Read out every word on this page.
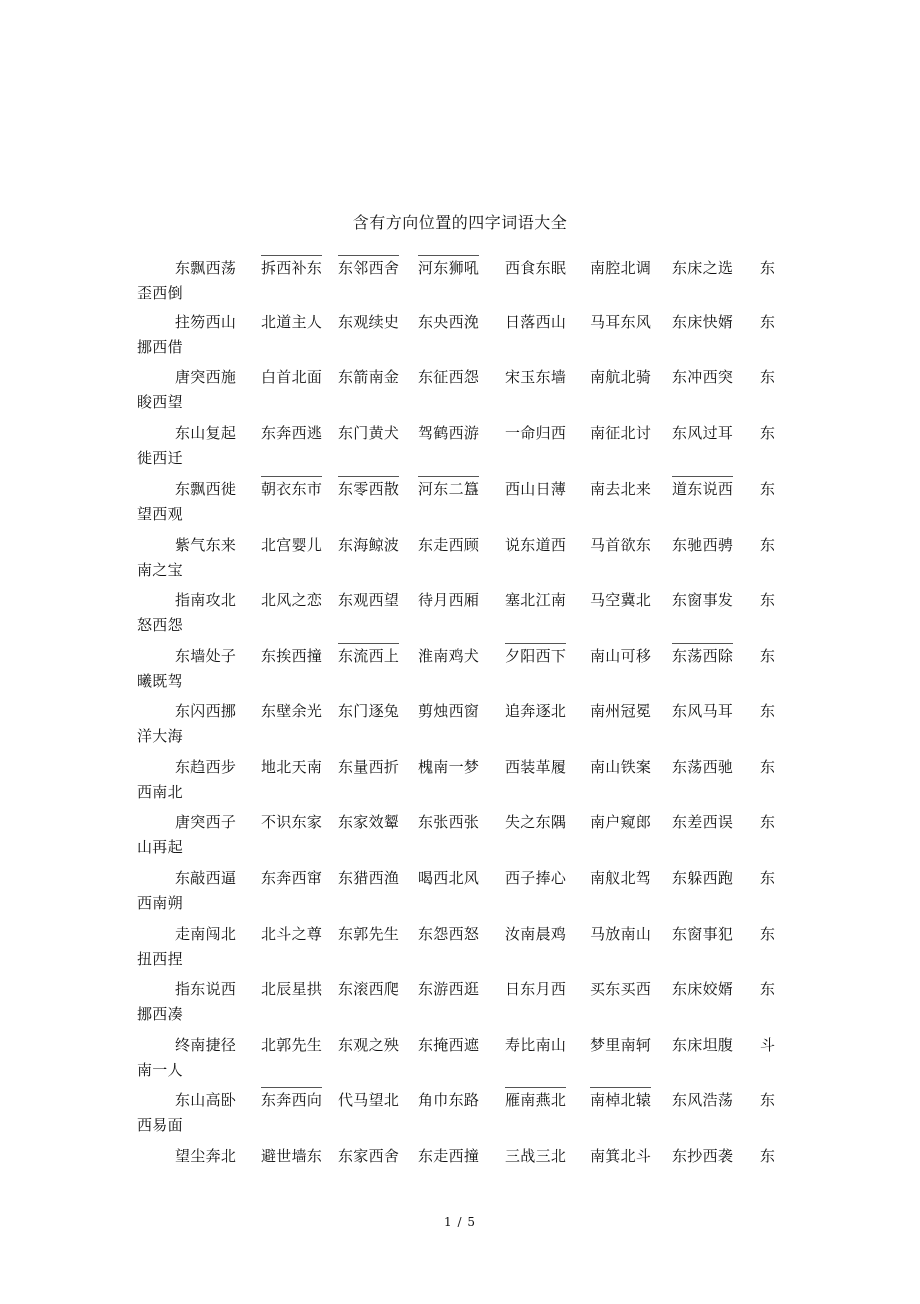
含有方向位置的四字词语大全
东飘西荡 拆西补东 东邻西舍 河东狮吼 西食东眠 南腔北调 东床之选 东
歪西倒
拄笏西山 北道主人 东观续史 东央西浼 日落西山 马耳东风 东床快婿 东
挪西借
唐突西施 白首北面 东箭南金 东征西怨 宋玉东墙 南航北骑 东冲西突 东
睃西望
东山复起 东奔西逃 东门黄犬 驾鹤西游 一命归西 南征北讨 东风过耳 东
徙西迁
东飘西徙 朝衣东市 东零西散 河东二簋 西山日薄 南去北来 道东说西 东
望西观
紫气东来 北宫婴儿 东海鲸波 东走西顾 说东道西 马首欲东 东驰西骋 东
南之宝
指南攻北 北风之恋 东观西望 待月西厢 塞北江南 马空冀北 东窗事发 东
怒西怨
东墙处子 东挨西撞 东流西上 淮南鸡犬 夕阳西下 南山可移 东荡西除 东
曦既驾
东闪西挪 东壁余光 东门逐兔 剪烛西窗 追奔逐北 南州冠冕 东风马耳 东
洋大海
东趋西步 地北天南 东量西折 槐南一梦 西装革履 南山铁案 东荡西驰 东
西南北
唐突西子 不识东家 东家效颦 东张西张 失之东隅 南户窥郎 东差西误 东
山再起
东敲西逼 东奔西窜 东猎西渔 喝西北风 西子捧心 南舣北驾 东躲西跑 东
西南朔
走南闯北 北斗之尊 东郭先生 东怨西怒 汝南晨鸡 马放南山 东窗事犯 东
扭西捏
指东说西 北辰星拱 东滚西爬 东游西逛 日东月西 买东买西 东床姣婿 东
挪西凑
终南捷径 北郭先生 东观之殃 东掩西遮 寿比南山 梦里南轲 东床坦腹 斗
南一人
东山高卧 东奔西向 代马望北 角巾东路 雁南燕北 南棹北辕 东风浩荡 东
西易面
望尘奔北 避世墙东 东家西舍 东走西撞 三战三北 南箕北斗 东抄西袭 东
1 / 5
